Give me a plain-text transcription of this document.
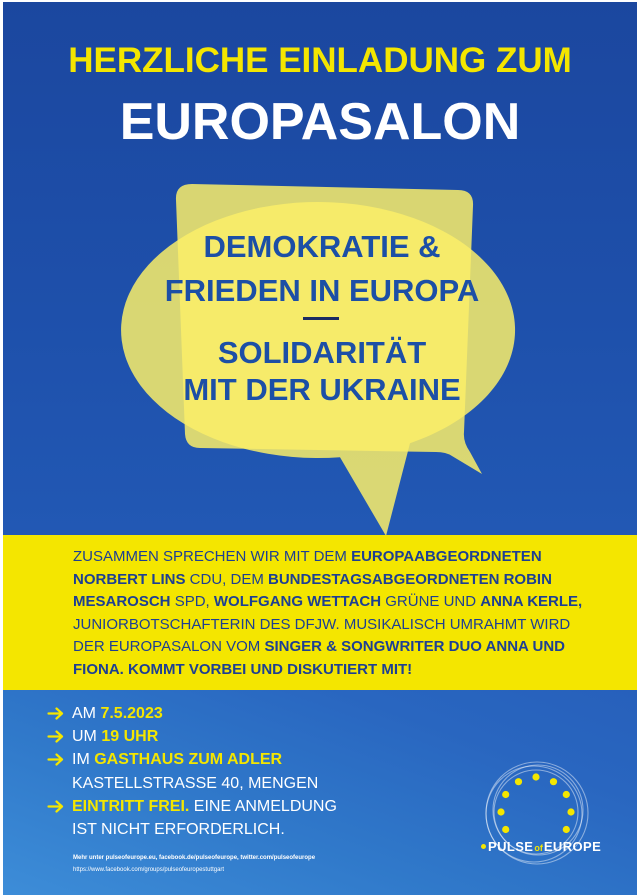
HERZLICHE EINLADUNG ZUM
EUROPASALON
DEMOKRATIE &
FRIEDEN IN EUROPA
SOLIDARITÄT
MIT DER UKRAINE
ZUSAMMEN SPRECHEN WIR MIT DEM EUROPAABGEORDNETEN
NORBERT LINS CDU, DEM BUNDESTAGSABGEORDNETEN ROBIN
MESAROSCH SPD, WOLFGANG WETTACH GRÜNE UND ANNA KERLE,
JUNIORBOTSCHAFTERIN DES DFJW. MUSIKALISCH UMRAHMT WIRD
DER EUROPASALON VOM SINGER & SONGWRITER DUO ANNA UND
FIONA. KOMMT VORBEI UND DISKUTIERT MIT!
AM 7.5.2023
UM 19 UHR
IM GASTHAUS ZUM ADLER
KASTELLSTRASSE 40, MENGEN
EINTRITT FREI. EINE ANMELDUNG
IST NICHT ERFORDERLICH.
Mehr unter pulseofeurope.eu, facebook.de/pulseofeurope, twitter.com/pulseofeurope
https://www.facebook.com/groups/pulseofeuropestuttgart
PULSEofEUROPE
